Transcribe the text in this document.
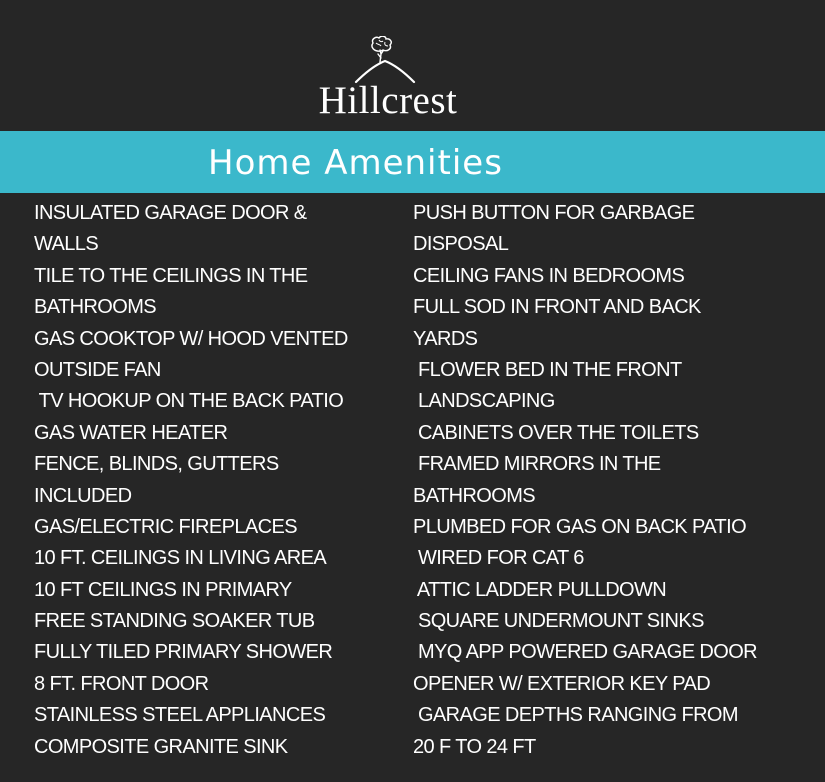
Hillcrest
Home Amenities
INSULATED GARAGE DOOR &
WALLS
TILE TO THE CEILINGS IN THE
BATHROOMS
GAS COOKTOP W/ HOOD VENTED
OUTSIDE FAN
TV HOOKUP ON THE BACK PATIO
GAS WATER HEATER
FENCE, BLINDS, GUTTERS
INCLUDED
GAS/ELECTRIC FIREPLACES
10 FT. CEILINGS IN LIVING AREA
10 FT CEILINGS IN PRIMARY
FREE STANDING SOAKER TUB
FULLY TILED PRIMARY SHOWER
8 FT. FRONT DOOR
STAINLESS STEEL APPLIANCES
COMPOSITE GRANITE SINK
PUSH BUTTON FOR GARBAGE
DISPOSAL
CEILING FANS IN BEDROOMS
FULL SOD IN FRONT AND BACK
YARDS
FLOWER BED IN THE FRONT
LANDSCAPING
CABINETS OVER THE TOILETS
FRAMED MIRRORS IN THE
BATHROOMS
PLUMBED FOR GAS ON BACK PATIO
WIRED FOR CAT 6
ATTIC LADDER PULLDOWN
SQUARE UNDERMOUNT SINKS
MYQ APP POWERED GARAGE DOOR
OPENER W/ EXTERIOR KEY PAD
GARAGE DEPTHS RANGING FROM
20 F TO 24 FT
